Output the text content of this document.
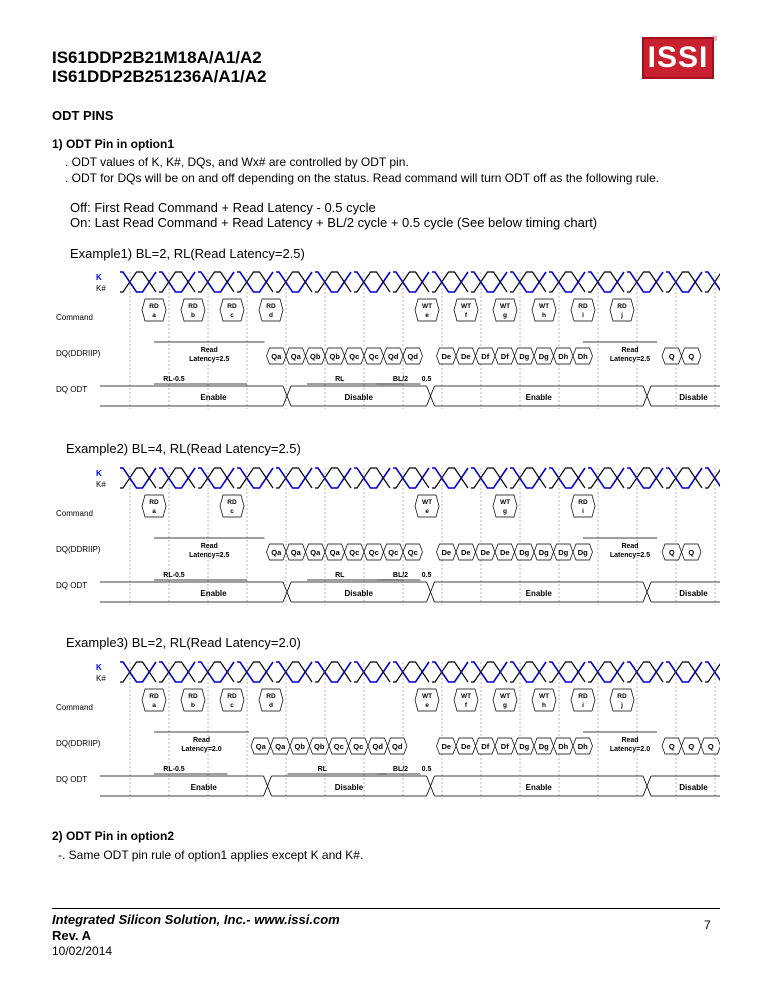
IS61DDP2B21M18A/A1/A2
IS61DDP2B251236A/A1/A2
ISSI
®
ODT PINS
1) ODT Pin in option1
. ODT values of K, K#, DQs, and Wx# are controlled by ODT pin.
. ODT for DQs will be on and off depending on the status. Read command will turn ODT off as the following rule.
Off: First Read Command + Read Latency - 0.5 cycle
On: Last Read Command + Read Latency + BL/2 cycle + 0.5 cycle (See below timing chart)
Example1) BL=2, RL(Read Latency=2.5)
K
K#
Command
DQ(DDRIIP)
DQ ODT
RD
a
RD
b
RD
c
RD
d
WT
e
WT
f
WT
g
WT
h
RD
i
RD
j
Qa Qa Qb Qb Qc Qc Qd Qd	De De Df Df Dg Dg Dh Dh	Q Q
Read
Latency=2.5
Read
Latency=2.5
RL-0.5	RL	BL/2 0.5
Enable	Disable	Enable	Disable
Example2) BL=4, RL(Read Latency=2.5)
K
K#
Command
DQ(DDRIIP)
DQ ODT
RD
a
RD
c
WT
e
WT
g
RD
i
Qa Qa Qa Qa Qc Qc Qc Qc	De De De De Dg Dg Dg Dg	Q Q
Read
Latency=2.5
Read
Latency=2.5
RL-0.5	RL	BL/2 0.5
Enable	Disable	Enable	Disable
Example3) BL=2, RL(Read Latency=2.0)
K
K#
Command
DQ(DDRIIP)
DQ ODT
RD
a
RD
b
RD
c
RD
d
WT
e
WT
f
WT
g
WT
h
RD
i
RD
j
Qa Qa Qb Qb Qc Qc Qd Qd	De De Df Df Dg Dg Dh Dh	Q Q Q
Read
Latency=2.0
Read
Latency=2.0
RL-0.5	RL	BL/2 0.5
Enable	Disable	Enable	Disable
2) ODT Pin in option2
-. Same ODT pin rule of option1 applies except K and K#.
Integrated Silicon Solution, Inc.- www.issi.com
Rev. A
10/02/2014
7
